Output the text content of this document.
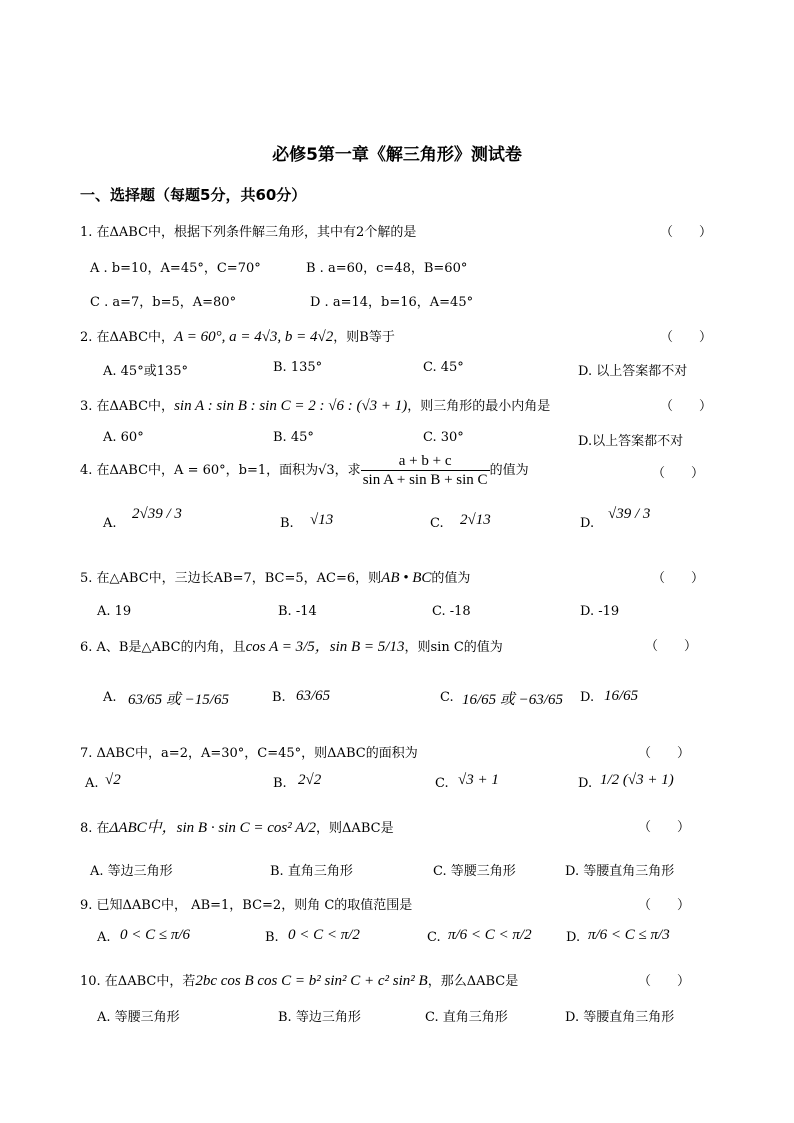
必修5第一章《解三角形》测试卷
一、选择题（每题5分，共60分）
1. 在ΔABC中，根据下列条件解三角形，其中有2个解的是	（　　）
A . b=10，A=45°，C=70°	B . a=60，c=48，B=60°
C . a=7，b=5，A=80°	D . a=14，b=16，A=45°
2. 在ΔABC中，A = 60°, a = 4√3, b = 4√2，则B等于	（　　）
A. 45°或135°	B. 135°	C. 45°	D. 以上答案都不对
3. 在ΔABC中，sin A : sin B : sin C = 2 : √6 : (√3 + 1)，则三角形的最小内角是	（　　）
A. 60°	B. 45°	C. 30°	D.以上答案都不对
4. 在ΔABC中，A = 60°，b=1，面积为√3，求 $\frac{a + b + c}{\text{sin A + sin B + sin C}}$ 的值为	（　　）
A.
2√39 / 3
B. √13	C. 2√13	D.
√39 / 3
5. 在△ABC中，三边长AB=7，BC=5，AC=6，则AB • BC的值为	（　　）
A. 19	B. -14	C. -18	D. -19
6. A、B是△ABC的内角，且cos A = 3/5，sin B = 5/13，则sin C的值为	（　　）
A. 63/65 或 −15/65	B. 63/65	C. 16/65 或 −63/65 D. 16/65
7. ΔABC中，a=2，A=30°，C=45°，则ΔABC的面积为	（　　）
A. √2	B. 2√2	C. √3 + 1	D. 1/2 (√3 + 1)
8. 在ΔABC中，sin B · sin C = cos² A/2，则ΔABC是	（　　）
A. 等边三角形	B. 直角三角形	C. 等腰三角形	D. 等腰直角三角形
9. 已知ΔABC中， AB=1，BC=2，则角 C的取值范围是	（　　）
A. 0 < C ≤ π/6	B. 0 < C < π/2	C. π/6 < C < π/2	D. π/6 < C ≤ π/3
10. 在ΔABC中，若2bc cos B cos C = b² sin² C + c² sin² B，那么ΔABC是	（　　）
A. 等腰三角形	B. 等边三角形	C. 直角三角形	D. 等腰直角三角形
